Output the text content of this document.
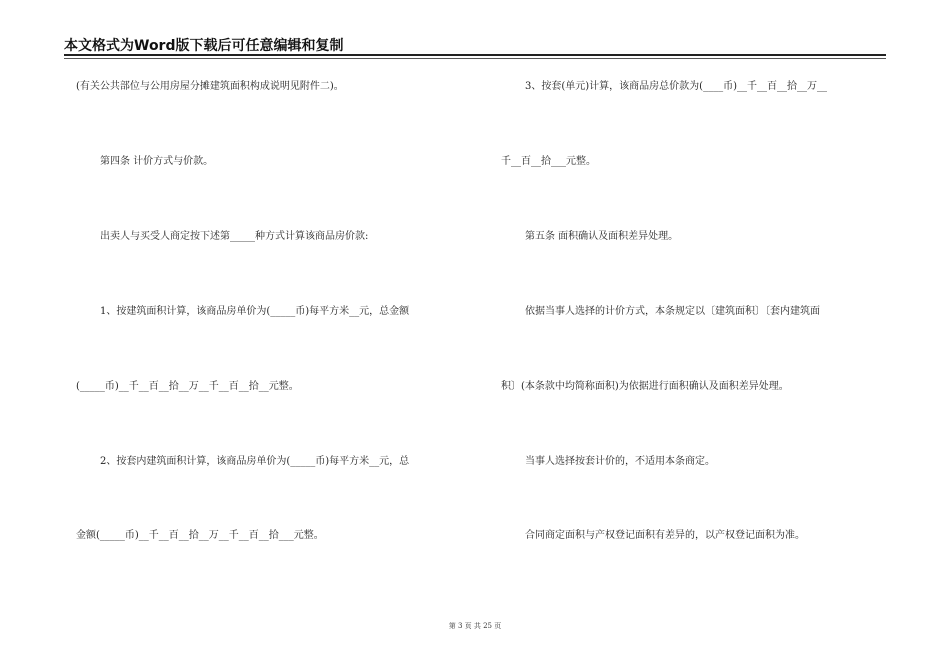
本文格式为Word版下载后可任意编辑和复制
(有关公共部位与公用房屋分摊建筑面积构成说明见附件二)。
第四条 计价方式与价款。
出卖人与买受人商定按下述第_____种方式计算该商品房价款:
1、按建筑面积计算，该商品房单价为(_____币)每平方米__元，总金额
(_____币)__千__百__拾__万__千__百__拾__元整。
2、按套内建筑面积计算，该商品房单价为(_____币)每平方米__元，总
金额(_____币)__千__百__拾__万__千__百__拾___元整。
3、按套(单元)计算，该商品房总价款为(____币)__千__百__拾__万__
千__百__拾___元整。
第五条 面积确认及面积差异处理。
依据当事人选择的计价方式，本条规定以〔建筑面积〕〔套内建筑面
积〕(本条款中均简称面积)为依据进行面积确认及面积差异处理。
当事人选择按套计价的，不适用本条商定。
合同商定面积与产权登记面积有差异的，以产权登记面积为准。
第 3 页 共 25 页
